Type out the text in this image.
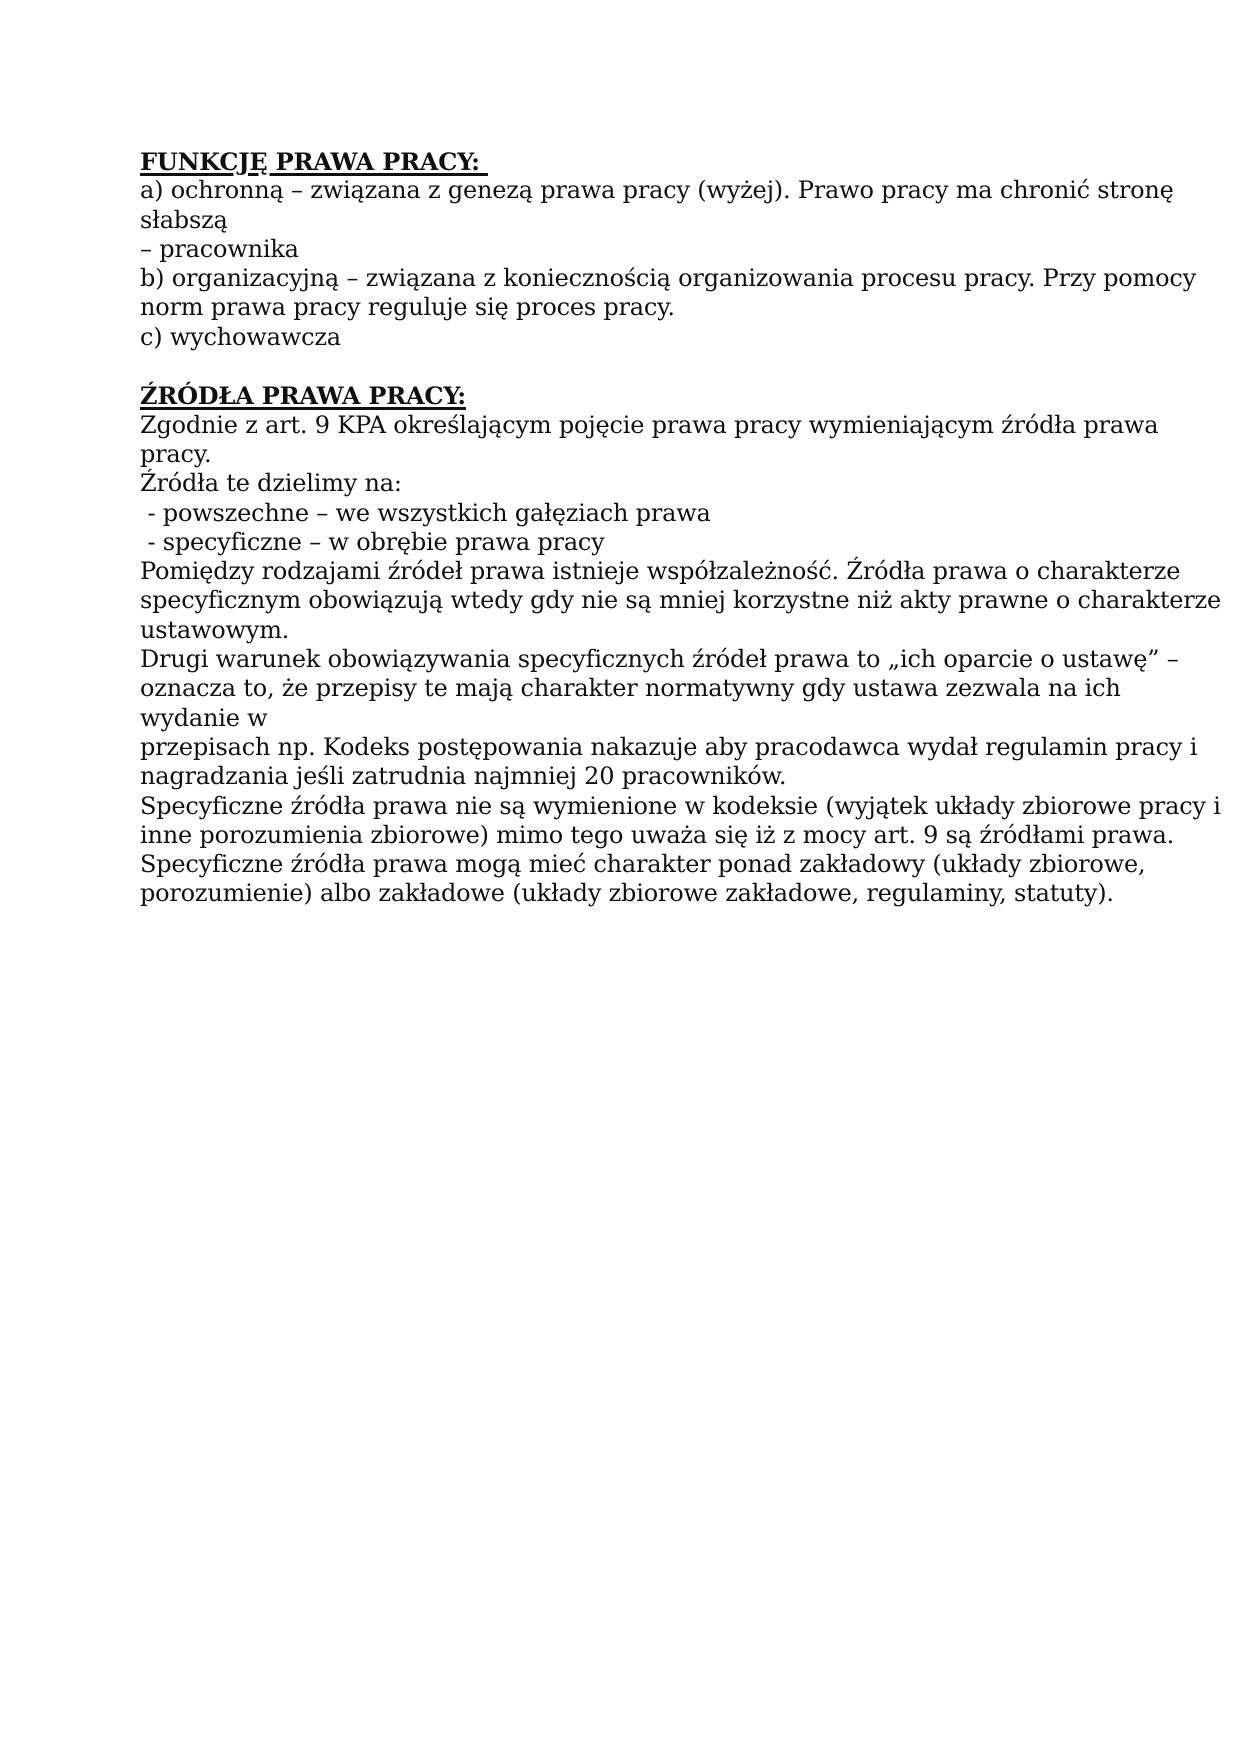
FUNKCJĘ PRAWA PRACY:
a) ochronną – związana z genezą prawa pracy (wyżej). Prawo pracy ma chronić stronę słabszą
– pracownika
b) organizacyjną – związana z koniecznością organizowania procesu pracy. Przy pomocy
norm prawa pracy reguluje się proces pracy.
c) wychowawcza
ŹRÓDŁA PRAWA PRACY:
Zgodnie z art. 9 KPA określającym pojęcie prawa pracy wymieniającym źródła prawa pracy.
Źródła te dzielimy na:
- powszechne – we wszystkich gałęziach prawa
- specyficzne – w obrębie prawa pracy
Pomiędzy rodzajami źródeł prawa istnieje współzależność. Źródła prawa o charakterze
specyficznym obowiązują wtedy gdy nie są mniej korzystne niż akty prawne o charakterze
ustawowym.
Drugi warunek obowiązywania specyficznych źródeł prawa to „ich oparcie o ustawę” –
oznacza to, że przepisy te mają charakter normatywny gdy ustawa zezwala na ich wydanie w
przepisach np. Kodeks postępowania nakazuje aby pracodawca wydał regulamin pracy i
nagradzania jeśli zatrudnia najmniej 20 pracowników.
Specyficzne źródła prawa nie są wymienione w kodeksie (wyjątek układy zbiorowe pracy i
inne porozumienia zbiorowe) mimo tego uważa się iż z mocy art. 9 są źródłami prawa.
Specyficzne źródła prawa mogą mieć charakter ponad zakładowy (układy zbiorowe,
porozumienie) albo zakładowe (układy zbiorowe zakładowe, regulaminy, statuty).
